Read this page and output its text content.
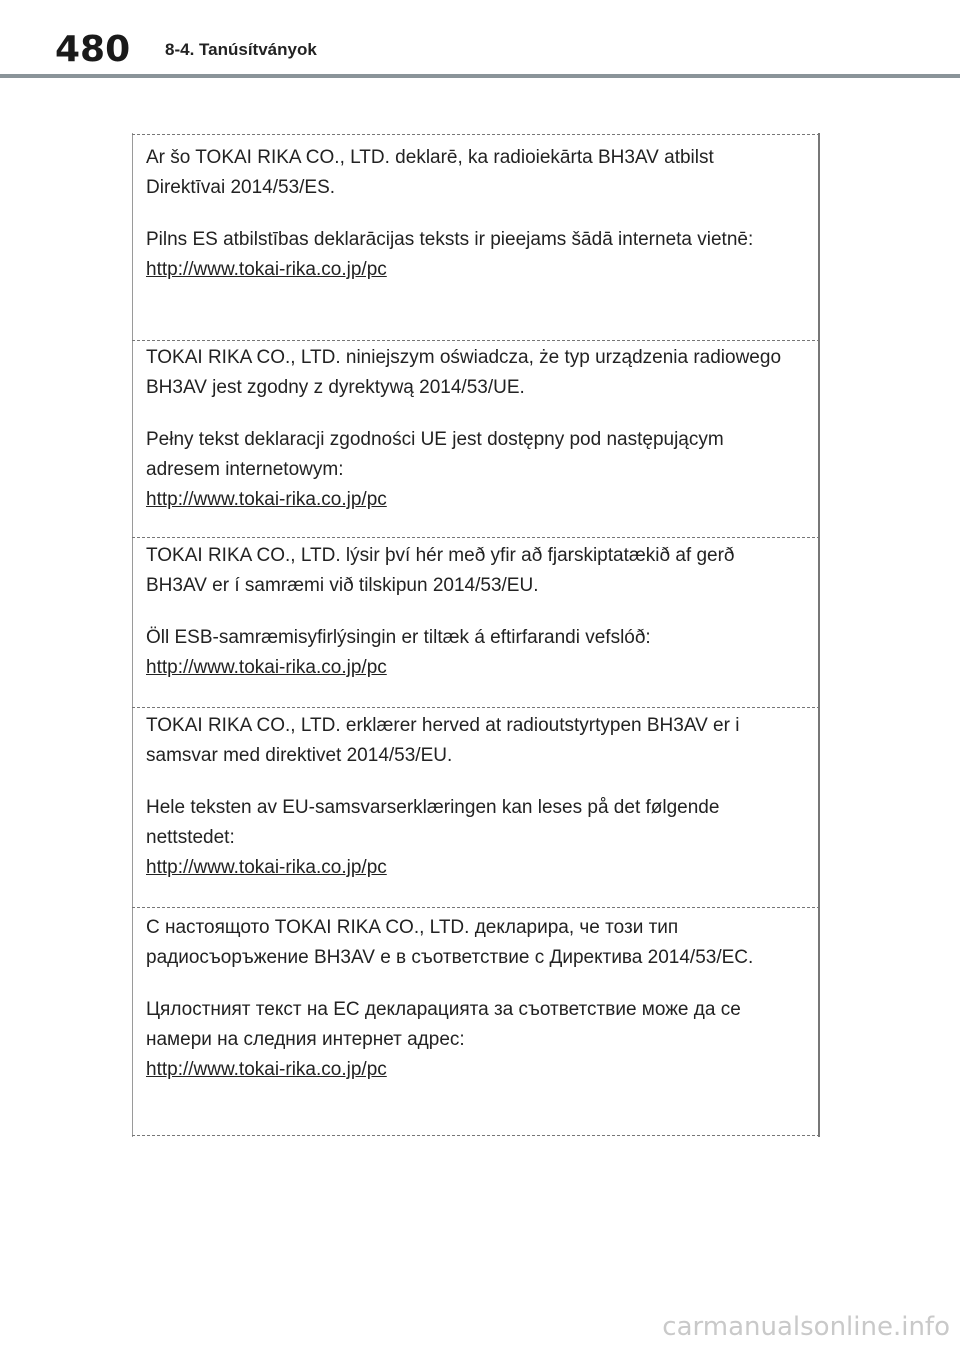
480 8-4. Tanúsítványok

Ar šo TOKAI RIKA CO., LTD. deklarē, ka radioiekārta BH3AV atbilst Direktīvai 2014/53/ES.

Pilns ES atbilstības deklarācijas teksts ir pieejams šādā interneta vietnē:

http://www.tokai-rika.co.jp/pc

TOKAI RIKA CO., LTD. niniejszym oświadcza, że typ urządzenia radiowego BH3AV jest zgodny z dyrektywą 2014/53/UE.

Pełny tekst deklaracji zgodności UE jest dostępny pod następującym adresem internetowym:

http://www.tokai-rika.co.jp/pc

TOKAI RIKA CO., LTD. lýsir því hér með yfir að fjarskiptatækið af gerð BH3AV er í samræmi við tilskipun 2014/53/EU.

Öll ESB-samræmisyfirlýsingin er tiltæk á eftirfarandi vefslóð:

http://www.tokai-rika.co.jp/pc

TOKAI RIKA CO., LTD. erklærer herved at radioutstyrtypen BH3AV er i samsvar med direktivet 2014/53/EU.

Hele teksten av EU-samsvarserklæringen kan leses på det følgende nettstedet:

http://www.tokai-rika.co.jp/pc

С настоящото TOKAI RIKA CO., LTD. декларира, че този тип радиосъоръжение BH3AV е в съответствие с Директива 2014/53/ЕС.

Цялостният текст на ЕС декларацията за съответствие може да се намери на следния интернет адрес:

http://www.tokai-rika.co.jp/pc

carmanualsonline.info
